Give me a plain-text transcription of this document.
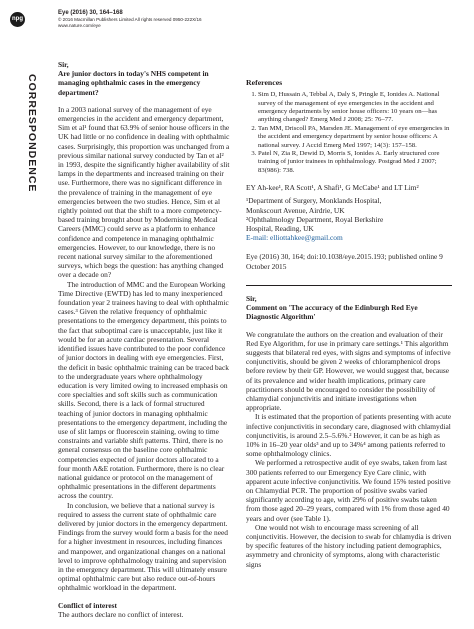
npg
Eye (2016) 30, 164–168
© 2016 Macmillan Publishers Limited All rights reserved 0950-222X/16
www.nature.com/eye
CORRESPONDENCE
Sir,
Are junior doctors in today's NHS competent in managing ophthalmic cases in the emergency department?

In a 2003 national survey of the management of eye emergencies in the accident and emergency department, Sim et al¹ found that 63.9% of senior house officers in the UK had little or no confidence in dealing with ophthalmic cases. Surprisingly, this proportion was unchanged from a previous similar national survey conducted by Tan et al² in 1993, despite the significantly higher availability of slit lamps in the departments and increased training on their use. Furthermore, there was no significant difference in the prevalence of training in the management of eye emergencies between the two studies. Hence, Sim et al rightly pointed out that the shift to a more competency-based training brought about by Modernising Medical Careers (MMC) could serve as a platform to enhance confidence and competence in managing ophthalmic emergencies. However, to our knowledge, there is no recent national survey similar to the aforementioned surveys, which begs the question: has anything changed over a decade on?

The introduction of MMC and the European Working Time Directive (EWTD) has led to many inexperienced foundation year 2 trainees having to deal with ophthalmic cases.³ Given the relative frequency of ophthalmic presentations to the emergency department, this points to the fact that suboptimal care is unacceptable, just like it would be for an acute cardiac presentation. Several identified issues have contributed to the poor confidence of junior doctors in dealing with eye emergencies. First, the deficit in basic ophthalmic training can be traced back to the undergraduate years where ophthalmology education is very limited owing to increased emphasis on core specialties and soft skills such as communication skills. Second, there is a lack of formal structured teaching of junior doctors in managing ophthalmic presentations to the emergency department, including the use of slit lamps or fluorescein staining, owing to time constraints and variable shift patterns. Third, there is no general consensus on the baseline core ophthalmic competencies expected of junior doctors allocated to a four month A&E rotation. Furthermore, there is no clear national guidance or protocol on the management of ophthalmic presentations in the different departments across the country.

In conclusion, we believe that a national survey is required to assess the current state of ophthalmic care delivered by junior doctors in the emergency department. Findings from the survey would form a basis for the need for a higher investment in resources, including finances and manpower, and organizational changes on a national level to improve ophthalmology training and supervision in the emergency department. This will ultimately ensure optimal ophthalmic care but also reduce out-of-hours ophthalmic workload in the department.

Conflict of interest

The authors declare no conflict of interest.

References
1. Sim D, Hussain A, Tebbal A, Daly S, Pringle E, Ionides A. National survey of the management of eye emergencies in the accident and emergency departments by senior house officers: 10 years on—has anything changed? Emerg Med J 2008; 25: 76–77.
2. Tan MM, Driscoll PA, Marsden JE. Management of eye emergencies in the accident and emergency department by senior house officers: A national survey. J Accid Emerg Med 1997; 14(3): 157–158.
3. Patel N, Zia R, Dewid D, Morris S, Ionides A. Early structured core training of junior trainees in ophthalmology. Postgrad Med J 2007; 83(986): 738.
EY Ah-kee¹, RA Scott¹, A Shafi¹, G McCabe¹ and LT Lim²
¹Department of Surgery, Monklands Hospital,
Monkscourt Avenue, Airdrie, UK
²Ophthalmology Department, Royal Berkshire
Hospital, Reading, UK
E-mail: elliottahkee@gmail.com
Eye (2016) 30, 164; doi:10.1038/eye.2015.193; published online 9 October 2015
Sir,
Comment on 'The accuracy of the Edinburgh Red Eye Diagnostic Algorithm'

We congratulate the authors on the creation and evaluation of their Red Eye Algorithm, for use in primary care settings.¹ This algorithm suggests that bilateral red eyes, with signs and symptoms of infective conjunctivitis, should be given 2 weeks of chloramphenicol drops before review by their GP. However, we would suggest that, because of its prevalence and wider health implications, primary care practitioners should be encouraged to consider the possibility of chlamydial conjunctivitis and initiate investigations when appropriate.

It is estimated that the proportion of patients presenting with acute infective conjunctivitis in secondary care, diagnosed with chlamydial conjunctivitis, is around 2.5–5.6%.² However, it can be as high as 10% in 16–20 year olds³ and up to 34%⁴ among patients referred to some ophthalmology clinics.

We performed a retrospective audit of eye swabs, taken from last 300 patients referred to our Emergency Eye Care clinic, with apparent acute infective conjunctivitis. We found 15% tested positive on Chlamydial PCR. The proportion of positive swabs varied significantly according to age, with 29% of positive swabs taken from those aged 20–29 years, compared with 1% from those aged 40 years and over (see Table 1).

One would not wish to encourage mass screening of all conjunctivitis. However, the decision to swab for chlamydia is driven by specific features of the history including patient demographics, asymmetry and chronicity of symptoms, along with characteristic signs
